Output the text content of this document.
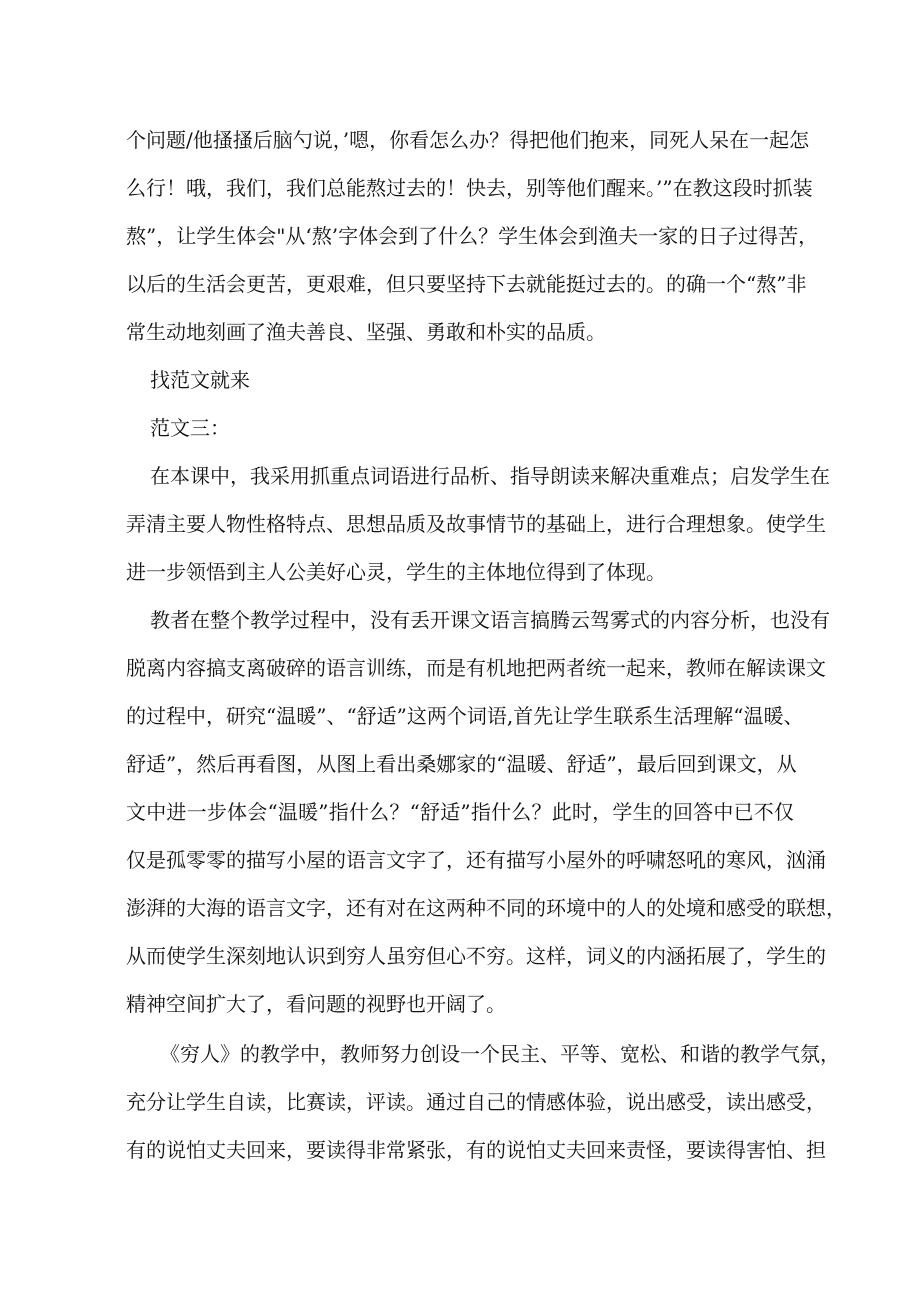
个问题/他搔搔后脑勺说，’嗯，你看怎么办？得把他们抱来，同死人呆在一起怎

么行！哦，我们，我们总能熬过去的！快去，别等他们醒来。’”在教这段时抓装

熬”，让学生体会"从‘熬’字体会到了什么？学生体会到渔夫一家的日子过得苦，

以后的生活会更苦，更艰难，但只要坚持下去就能挺过去的。的确一个“熬”非

常生动地刻画了渔夫善良、坚强、勇敢和朴实的品质。

找范文就来

范文三：

在本课中，我采用抓重点词语进行品析、指导朗读来解决重难点；启发学生在

弄清主要人物性格特点、思想品质及故事情节的基础上，进行合理想象。使学生

进一步领悟到主人公美好心灵，学生的主体地位得到了体现。

教者在整个教学过程中，没有丢开课文语言搞腾云驾雾式的内容分析，也没有

脱离内容搞支离破碎的语言训练，而是有机地把两者统一起来，教师在解读课文

的过程中，研究“温暖”、“舒适”这两个词语,首先让学生联系生活理解“温暖、

舒适”，然后再看图，从图上看出桑娜家的“温暖、舒适”，最后回到课文，从

文中进一步体会“温暖”指什么？“舒适”指什么？此时，学生的回答中已不仅

仅是孤零零的描写小屋的语言文字了，还有描写小屋外的呼啸怒吼的寒风，汹涌

澎湃的大海的语言文字，还有对在这两种不同的环境中的人的处境和感受的联想，

从而使学生深刻地认识到穷人虽穷但心不穷。这样，词义的内涵拓展了，学生的

精神空间扩大了，看问题的视野也开阔了。

《穷人》的教学中，教师努力创设一个民主、平等、宽松、和谐的教学气氛，

充分让学生自读，比赛读，评读。通过自己的情感体验，说出感受，读出感受，

有的说怕丈夫回来，要读得非常紧张，有的说怕丈夫回来责怪，要读得害怕、担
